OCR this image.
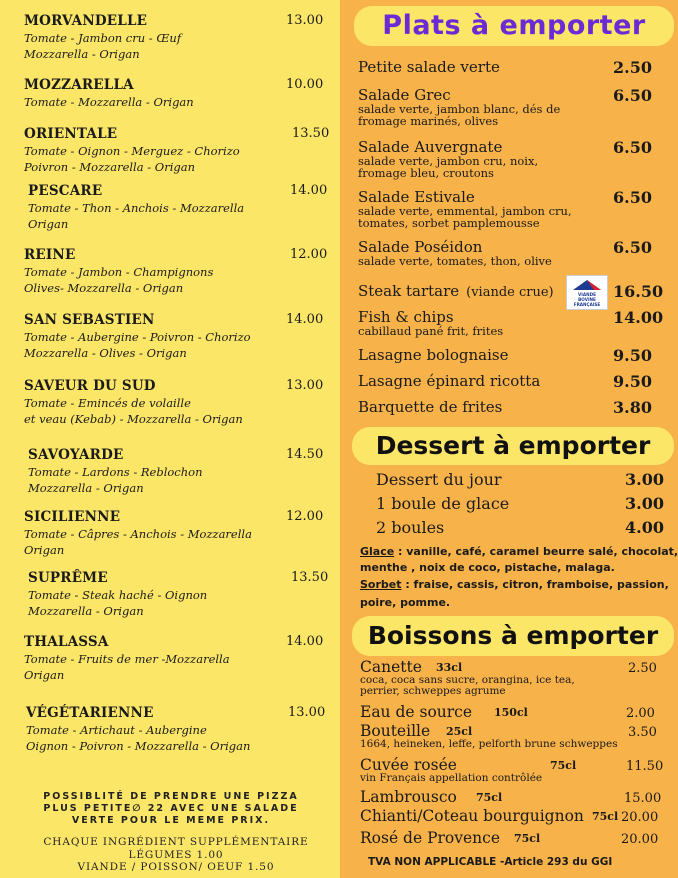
MORVANDELLE	13.00
Tomate - Jambon cru - Œuf
Mozzarella - Origan
MOZZARELLA	10.00
Tomate - Mozzarella - Origan
ORIENTALE	13.50
Tomate - Oignon - Merguez - Chorizo
Poivron - Mozzarella - Origan
PESCARE	14.00
Tomate - Thon - Anchois - Mozzarella
Origan
REINE	12.00
Tomate - Jambon - Champignons
Olives- Mozzarella - Origan
SAN SEBASTIEN	14.00
Tomate - Aubergine - Poivron - Chorizo
Mozzarella - Olives - Origan
SAVEUR DU SUD	13.00
Tomate - Emincés de volaille
et veau (Kebab) - Mozzarella - Origan
SAVOYARDE	14.50
Tomate - Lardons - Reblochon
Mozzarella - Origan
SICILIENNE	12.00
Tomate - Câpres - Anchois - Mozzarella
Origan
SUPRÊME	13.50
Tomate - Steak haché - Oignon
Mozzarella - Origan
THALASSA	14.00
Tomate - Fruits de mer -Mozzarella
Origan
VÉGÉTARIENNE	13.00
Tomate - Artichaut - Aubergine
Oignon - Poivron - Mozzarella - Origan
POSSIBLITÉ DE PRENDRE UNE PIZZA
PLUS PETITE∅ 22 AVEC UNE SALADE
VERTE POUR LE MEME PRIX.
CHAQUE INGRÉDIENT SUPPLÉMENTAIRE
LÉGUMES 1.00
VIANDE / POISSON/ OEUF 1.50
Plats à emporter
Petite salade verte	2.50
Salade Grec	6.50
salade verte, jambon blanc, dés de
fromage marinés, olives
Salade Auvergnate	6.50
salade verte, jambon cru, noix,
fromage bleu, croutons
Salade Estivale	6.50
salade verte, emmental, jambon cru,
tomates, sorbet pamplemousse
Salade Poséidon	6.50
salade verte, tomates, thon, olive
Steak tartare (viande crue)	16.50
Fish & chips	14.00
cabillaud pané frit, frites
Lasagne bolognaise	9.50
Lasagne épinard ricotta	9.50
Barquette de frites	3.80
VIANDE
BOVINE
FRANÇAISE
Dessert à emporter
Dessert du jour	3.00
1 boule de glace	3.00
2 boules	4.00
Glace : vanille, café, caramel beurre salé, chocolat,
menthe , noix de coco, pistache, malaga.
Sorbet : fraise, cassis, citron, framboise, passion,
poire, pomme.
Boissons à emporter
Canette 33cl	2.50
coca, coca sans sucre, orangina, ice tea,
perrier, schweppes agrume
Eau de source 150cl	2.00
Bouteille 25cl	3.50
1664, heineken, leffe, pelforth brune schweppes
Cuvée rosée	75cl	11.50
vin Français appellation contrôlée
Lambrousco 75cl	15.00
Chianti/Coteau bourguignon 75cl 20.00
Rosé de Provence 75cl	20.00
TVA NON APPLICABLE -Article 293 du GGI
